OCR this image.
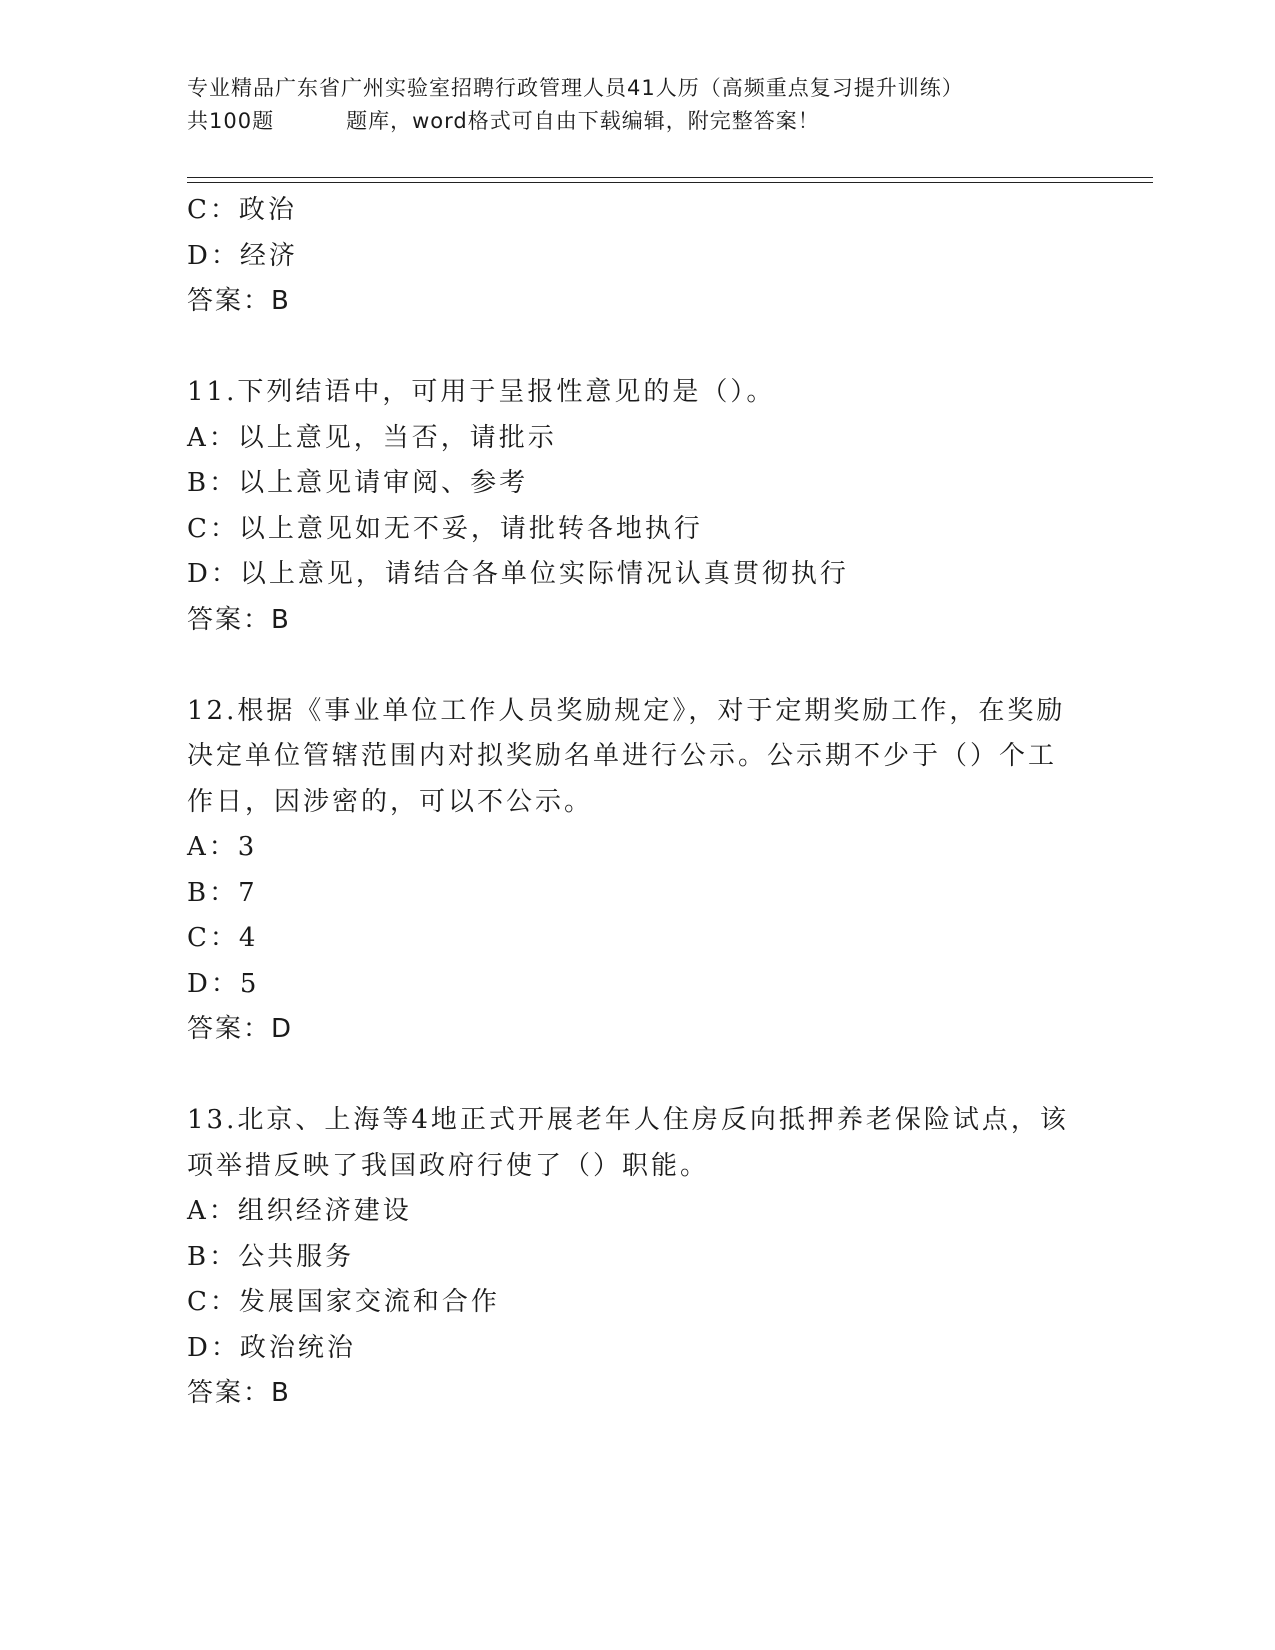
专业精品广东省广州实验室招聘行政管理人员41人历（高频重点复习提升训练）
共100题	题库，word格式可自由下载编辑，附完整答案！
C：政治
D：经济
答案：B
11.下列结语中，可用于呈报性意见的是（）。
A：以上意见，当否，请批示
B：以上意见请审阅、参考
C：以上意见如无不妥，请批转各地执行
D：以上意见，请结合各单位实际情况认真贯彻执行
答案：B
12.根据《事业单位工作人员奖励规定》，对于定期奖励工作，在奖励
决定单位管辖范围内对拟奖励名单进行公示。公示期不少于（）个工
作日，因涉密的，可以不公示。
A：3
B：7
C：4
D：5
答案：D
13.北京、上海等4地正式开展老年人住房反向抵押养老保险试点，该
项举措反映了我国政府行使了（）职能。
A：组织经济建设
B：公共服务
C：发展国家交流和合作
D：政治统治
答案：B
